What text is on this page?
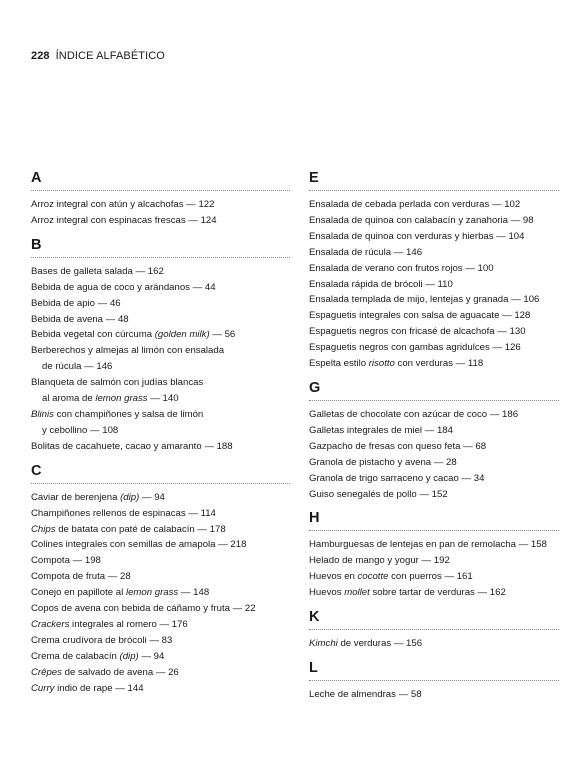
228 ÍNDICE ALFABÉTICO
A
Arroz integral con atún y alcachofas — 122
Arroz integral con espinacas frescas — 124
B
Bases de galleta salada — 162
Bebida de agua de coco y arándanos — 44
Bebida de apio — 46
Bebida de avena — 48
Bebida vegetal con cúrcuma (golden milk) — 56
Berberechos y almejas al limón con ensalada
de rúcula — 146
Blanqueta de salmón con judías blancas
al aroma de lemon grass — 140
Blinis con champiñones y salsa de limón
y cebollino — 108
Bolitas de cacahuete, cacao y amaranto — 188
C
Caviar de berenjena (dip) — 94
Champiñones rellenos de espinacas — 114
Chips de batata con paté de calabacín — 178
Colines integrales con semillas de amapola — 218
Compota — 198
Compota de fruta — 28
Conejo en papillote al lemon grass — 148
Copos de avena con bebida de cáñamo y fruta — 22
Crackers integrales al romero — 176
Crema crudívora de brócoli — 83
Crema de calabacín (dip) — 94
Crêpes de salvado de avena — 26
Curry indio de rape — 144
E
Ensalada de cebada perlada con verduras — 102
Ensalada de quinoa con calabacín y zanahoria — 98
Ensalada de quinoa con verduras y hierbas — 104
Ensalada de rúcula — 146
Ensalada de verano con frutos rojos — 100
Ensalada rápida de brócoli — 110
Ensalada templada de mijo, lentejas y granada — 106
Espaguetis integrales con salsa de aguacate — 128
Espaguetis negros con fricasé de alcachofa — 130
Espaguetis negros con gambas agridulces — 126
Espelta estilo risotto con verduras — 118
G
Galletas de chocolate con azúcar de coco — 186
Galletas integrales de miel — 184
Gazpacho de fresas con queso feta — 68
Granola de pistacho y avena — 28
Granola de trigo sarraceno y cacao — 34
Guiso senegalés de pollo — 152
H
Hamburguesas de lentejas en pan de remolacha — 158
Helado de mango y yogur — 192
Huevos en cocotte con puerros — 161
Huevos mollet sobre tartar de verduras — 162
K
Kimchi de verduras — 156
L
Leche de almendras — 58
